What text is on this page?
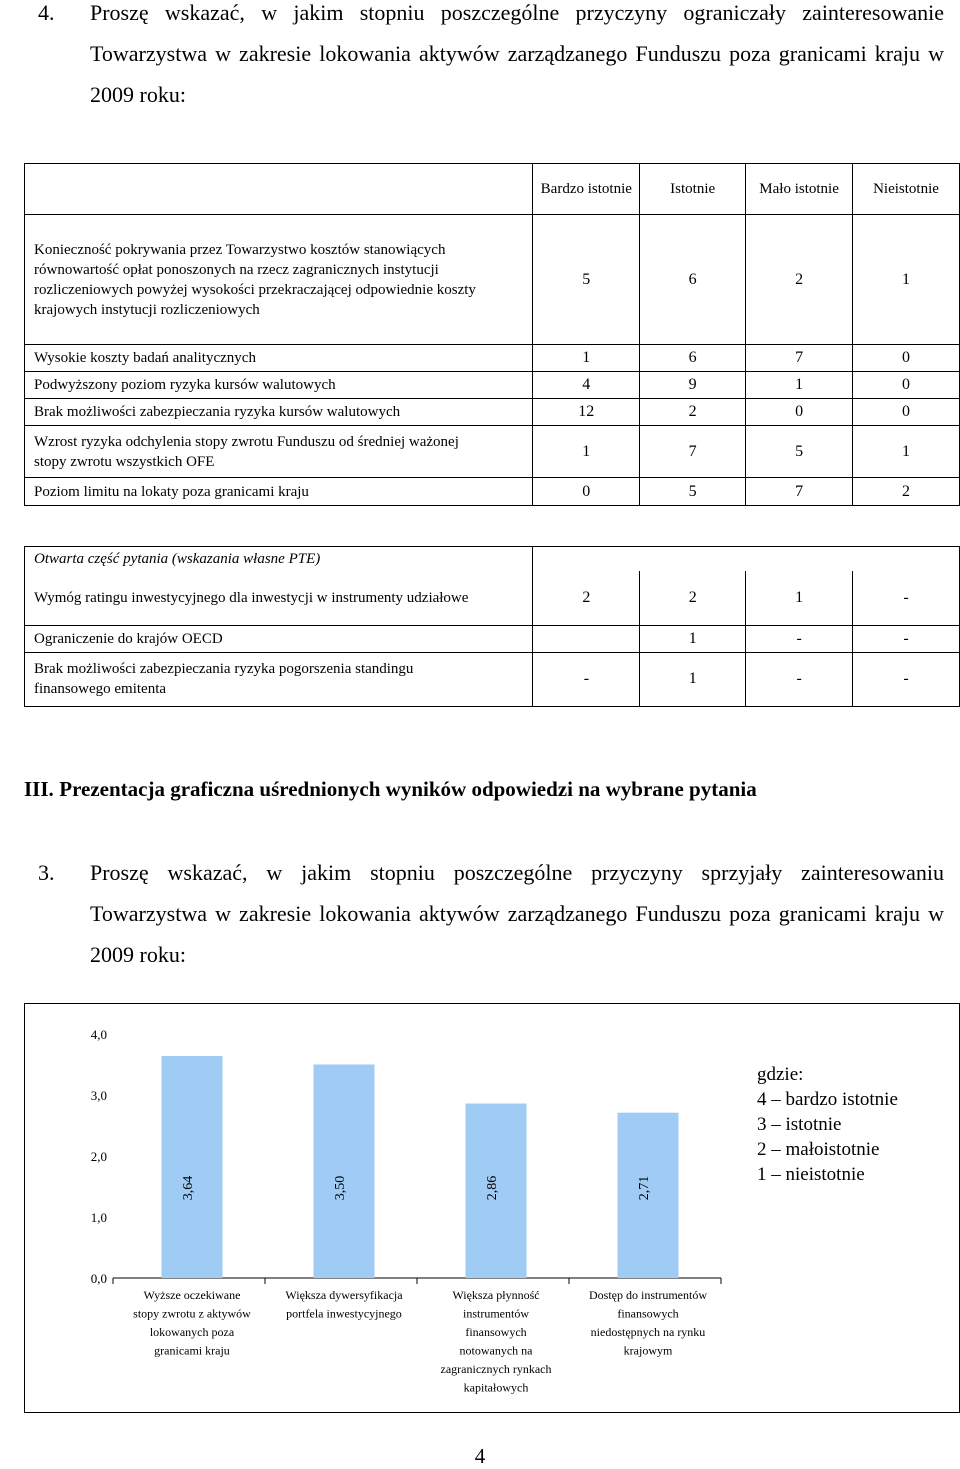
4.	Proszę wskazać, w jakim stopniu poszczególne przyczyny ograniczały zainteresowanie Towarzystwa w zakresie lokowania aktywów zarządzanego Funduszu poza granicami kraju w 2009 roku:
	Bardzo istotnie	Istotnie	Mało istotnie	Nieistotnie
Konieczność pokrywania przez Towarzystwo kosztów stanowiących równowartość opłat ponoszonych na rzecz zagranicznych instytucji rozliczeniowych powyżej wysokości przekraczającej odpowiednie koszty krajowych instytucji rozliczeniowych	5	6	2	1
Wysokie koszty badań analitycznych	1	6	7	0
Podwyższony poziom ryzyka kursów walutowych	4	9	1	0
Brak możliwości zabezpieczania ryzyka kursów walutowych	12	2	0	0
Wzrost ryzyka odchylenia stopy zwrotu Funduszu od średniej ważonej stopy zwrotu wszystkich OFE	1	7	5	1
Poziom limitu na lokaty poza granicami kraju	0	5	7	2
Otwarta część pytania (wskazania własne PTE)				
Wymóg ratingu inwestycyjnego dla inwestycji w instrumenty udziałowe	2	2	1	-
Ograniczenie do krajów OECD		1	-	-
Brak możliwości zabezpieczania ryzyka pogorszenia standingu finansowego emitenta	-	1	-	-
III. Prezentacja graficzna uśrednionych wyników odpowiedzi na wybrane pytania
3.	Proszę wskazać, w jakim stopniu poszczególne przyczyny sprzyjały zainteresowaniu Towarzystwa w zakresie lokowania aktywów zarządzanego Funduszu poza granicami kraju w 2009 roku:
0,0
1,0
2,0
3,0
4,0
3,64
Wyższe oczekiwane
stopy zwrotu z aktywów
lokowanych poza
granicami kraju
3,50
Większa dywersyfikacja
portfela inwestycyjnego
2,86
Większa płynność
instrumentów
finansowych
notowanych na
zagranicznych rynkach
kapitałowych
2,71
Dostęp do instrumentów
finansowych
niedostępnych na rynku
krajowym
gdzie:
4 – bardzo istotnie
3 – istotnie
2 – małoistotnie
1 – nieistotnie
4
